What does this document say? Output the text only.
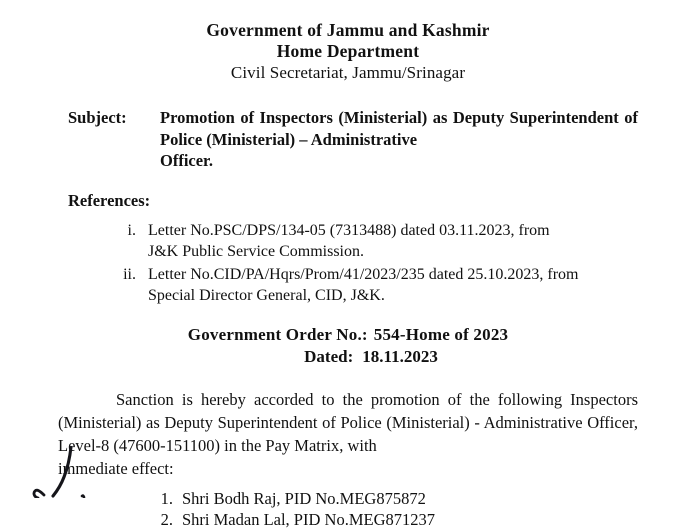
Government of Jammu and Kashmir
Home Department
Civil Secretariat, Jammu/Srinagar
Subject:	Promotion of Inspectors (Ministerial) as Deputy Superintendent of Police (Ministerial) – Administrative
Officer.
References:
i. Letter No.PSC/DPS/134-05 (7313488) dated 03.11.2023, from
J&K Public Service Commission.
ii. Letter No.CID/PA/Hqrs/Prom/41/2023/235 dated 25.10.2023, from
Special Director General, CID, J&K.
Government Order No.: 554-Home of 2023
Dated: 18.11.2023
Sanction is hereby accorded to the promotion of the following Inspectors (Ministerial) as Deputy Superintendent of Police (Ministerial) - Administrative Officer, Level-8 (47600-151100) in the Pay Matrix, with
immediate effect:
1. Shri Bodh Raj, PID No.MEG875872
2. Shri Madan Lal, PID No.MEG871237
